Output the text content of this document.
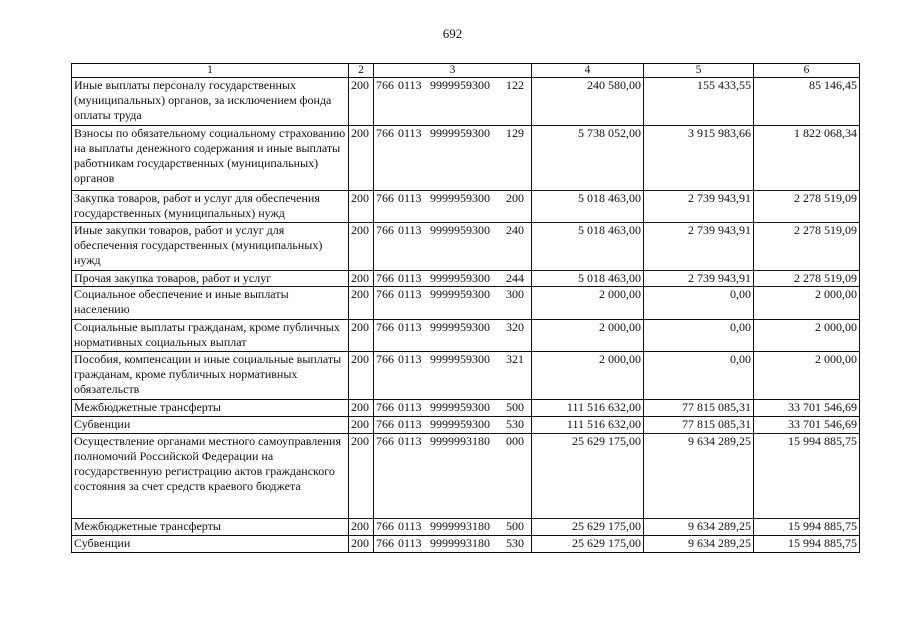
692
1	2	3	4	5	6
Иные выплаты персоналу государственных (муниципальных) органов, за исключением фонда оплаты труда	200	766 0113 9999959300 122	240 580,00	155 433,55	85 146,45
Взносы по обязательному социальному страхованию на выплаты денежного содержания и иные выплаты работникам государственных (муниципальных) органов	200	766 0113 9999959300 129	5 738 052,00	3 915 983,66	1 822 068,34
Закупка товаров, работ и услуг для обеспечения государственных (муниципальных) нужд	200	766 0113 9999959300 200	5 018 463,00	2 739 943,91	2 278 519,09
Иные закупки товаров, работ и услуг для обеспечения государственных (муниципальных) нужд	200	766 0113 9999959300 240	5 018 463,00	2 739 943,91	2 278 519,09
Прочая закупка товаров, работ и услуг	200	766 0113 9999959300 244	5 018 463,00	2 739 943,91	2 278 519,09
Социальное обеспечение и иные выплаты населению	200	766 0113 9999959300 300	2 000,00	0,00	2 000,00
Социальные выплаты гражданам, кроме публичных нормативных социальных выплат	200	766 0113 9999959300 320	2 000,00	0,00	2 000,00
Пособия, компенсации и иные социальные выплаты гражданам, кроме публичных нормативных обязательств	200	766 0113 9999959300 321	2 000,00	0,00	2 000,00
Межбюджетные трансферты	200	766 0113 9999959300 500	111 516 632,00	77 815 085,31	33 701 546,69
Субвенции	200	766 0113 9999959300 530	111 516 632,00	77 815 085,31	33 701 546,69
Осуществление органами местного самоуправления полномочий Российской Федерации на государственную регистрацию актов гражданского состояния за счет средств краевого бюджета	200	766 0113 9999993180 000	25 629 175,00	9 634 289,25	15 994 885,75
Межбюджетные трансферты	200	766 0113 9999993180 500	25 629 175,00	9 634 289,25	15 994 885,75
Субвенции	200	766 0113 9999993180 530	25 629 175,00	9 634 289,25	15 994 885,75
